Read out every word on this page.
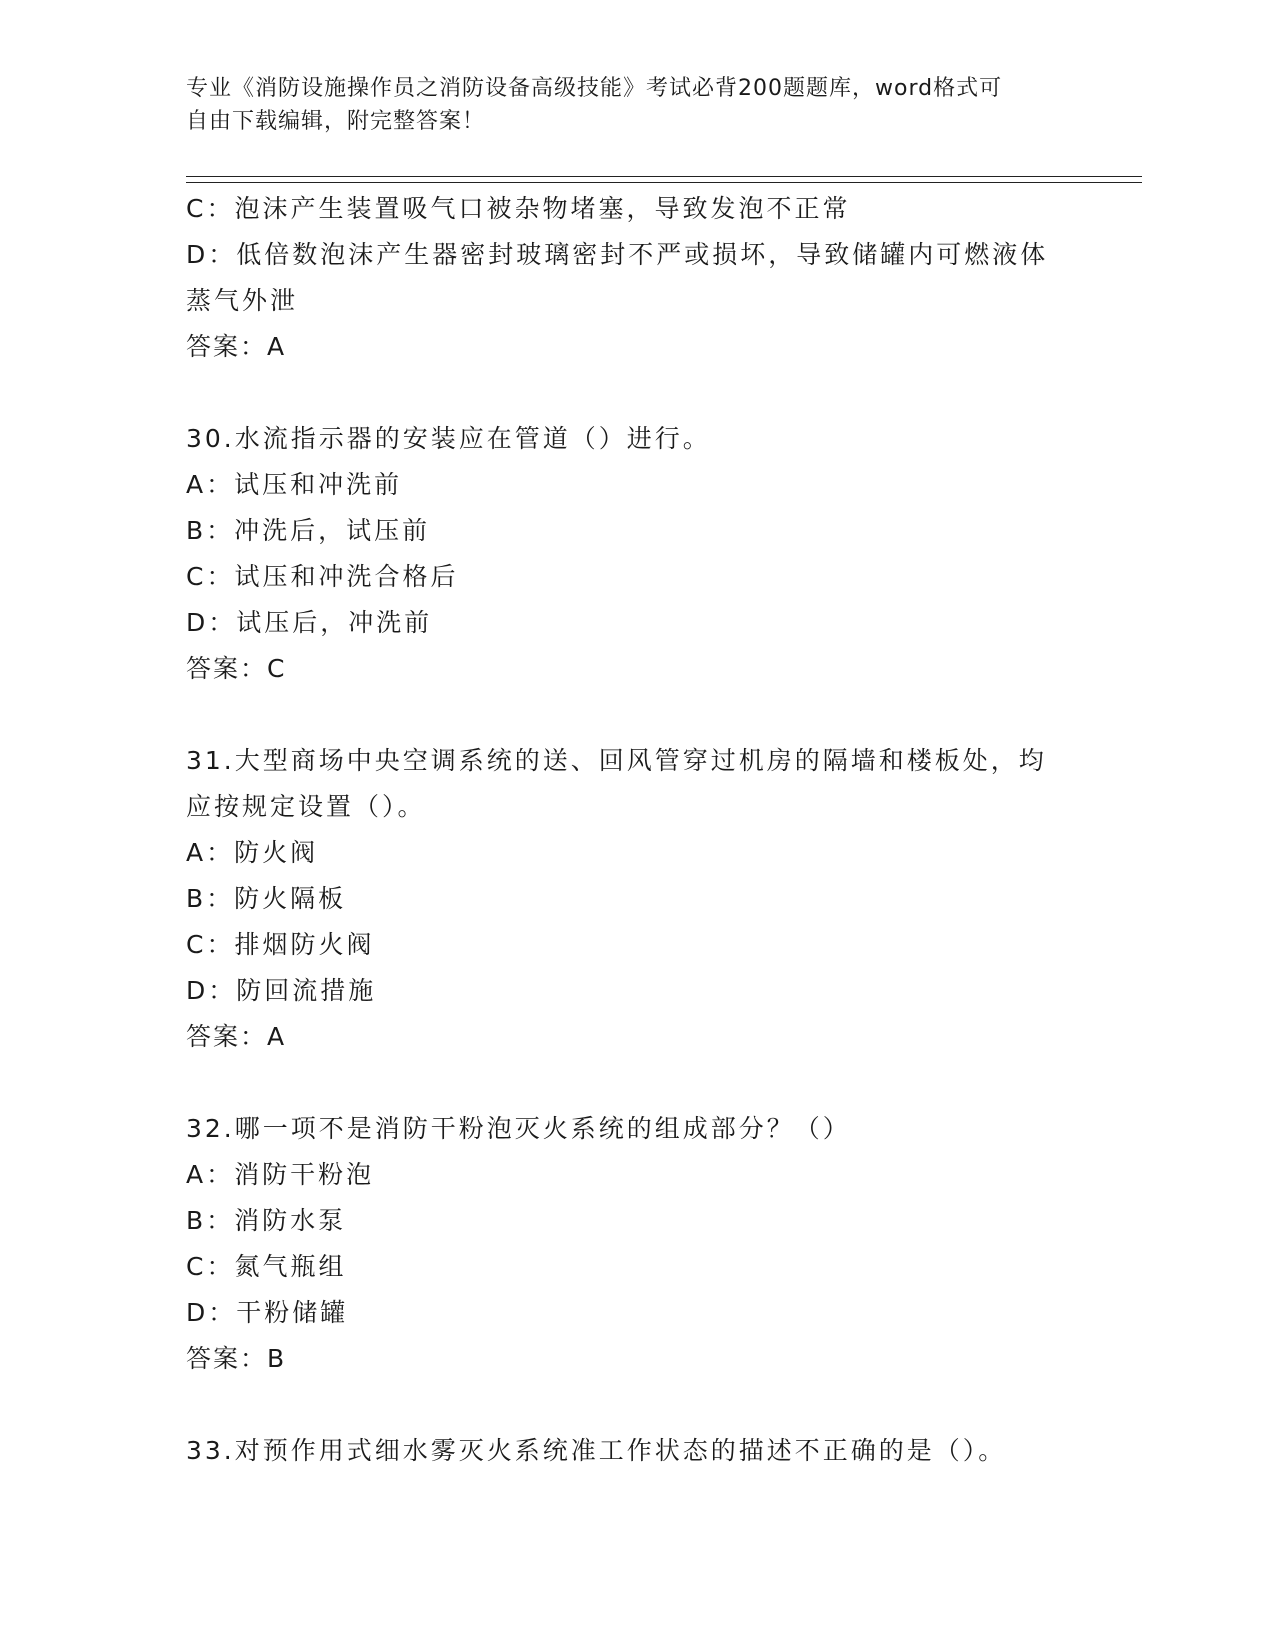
专业《消防设施操作员之消防设备高级技能》考试必背200题题库，word格式可
自由下载编辑，附完整答案！
C：泡沫产生装置吸气口被杂物堵塞，导致发泡不正常
D：低倍数泡沫产生器密封玻璃密封不严或损坏，导致储罐内可燃液体
蒸气外泄
答案：A
30.水流指示器的安装应在管道（）进行。
A：试压和冲洗前
B：冲洗后，试压前
C：试压和冲洗合格后
D：试压后，冲洗前
答案：C
31.大型商场中央空调系统的送、回风管穿过机房的隔墙和楼板处，均
应按规定设置（）。
A：防火阀
B：防火隔板
C：排烟防火阀
D：防回流措施
答案：A
32.哪一项不是消防干粉泡灭火系统的组成部分？（）
A：消防干粉泡
B：消防水泵
C：氮气瓶组
D：干粉储罐
答案：B
33.对预作用式细水雾灭火系统准工作状态的描述不正确的是（）。
